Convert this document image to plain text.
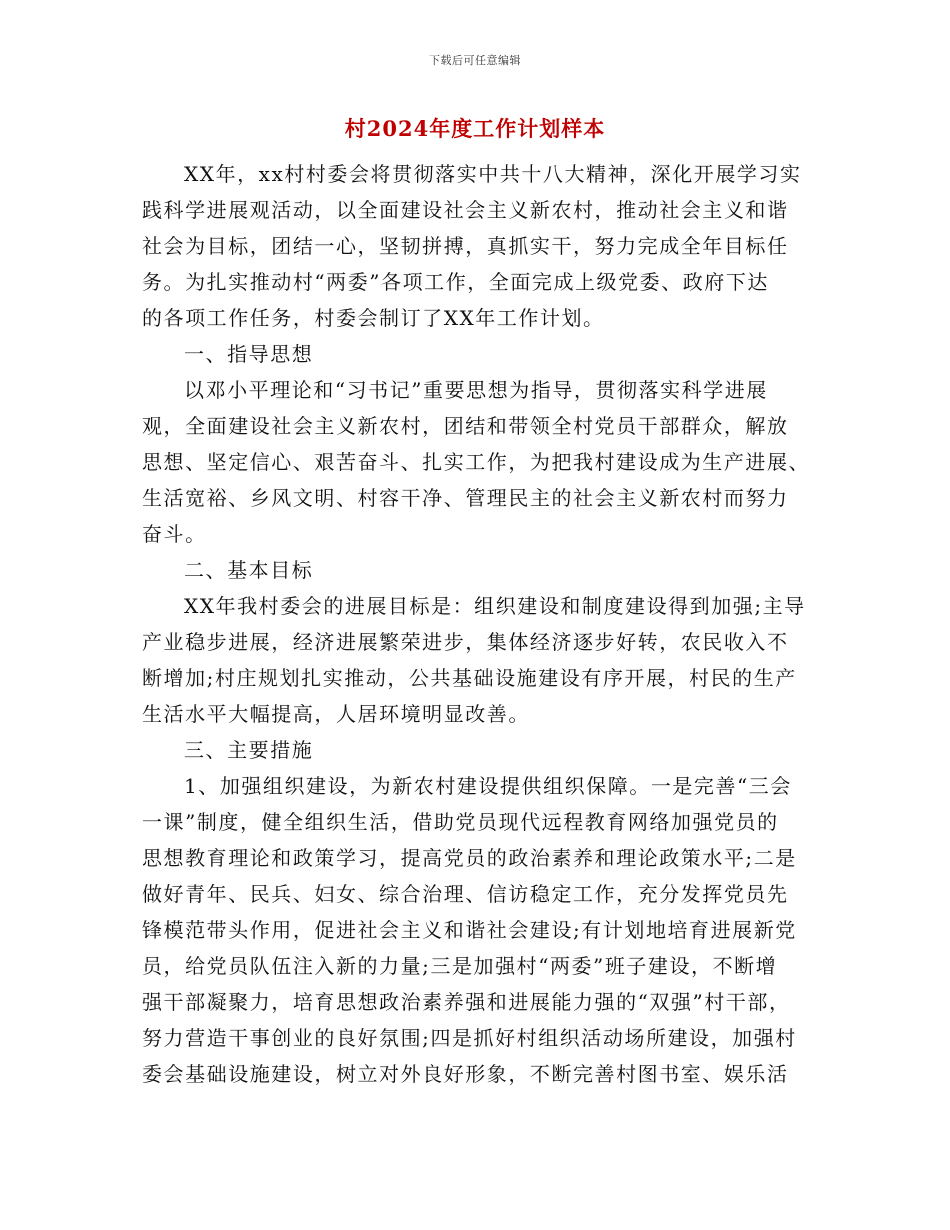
下载后可任意编辑
村2024年度工作计划样本
XX年，xx村村委会将贯彻落实中共十八大精神，深化开展学习实
践科学进展观活动，以全面建设社会主义新农村，推动社会主义和谐
社会为目标，团结一心，坚韧拼搏，真抓实干，努力完成全年目标任
务。为扎实推动村“两委”各项工作，全面完成上级党委、政府下达
的各项工作任务，村委会制订了XX年工作计划。
一、指导思想
以邓小平理论和“习书记”重要思想为指导，贯彻落实科学进展
观，全面建设社会主义新农村，团结和带领全村党员干部群众，解放
思想、坚定信心、艰苦奋斗、扎实工作，为把我村建设成为生产进展、
生活宽裕、乡风文明、村容干净、管理民主的社会主义新农村而努力
奋斗。
二、基本目标
XX年我村委会的进展目标是：组织建设和制度建设得到加强;主导
产业稳步进展，经济进展繁荣进步，集体经济逐步好转，农民收入不
断增加;村庄规划扎实推动，公共基础设施建设有序开展，村民的生产
生活水平大幅提高，人居环境明显改善。
三、主要措施
1、加强组织建设，为新农村建设提供组织保障。一是完善“三会
一课”制度，健全组织生活，借助党员现代远程教育网络加强党员的
思想教育理论和政策学习，提高党员的政治素养和理论政策水平;二是
做好青年、民兵、妇女、综合治理、信访稳定工作，充分发挥党员先
锋模范带头作用，促进社会主义和谐社会建设;有计划地培育进展新党
员，给党员队伍注入新的力量;三是加强村“两委”班子建设，不断增
强干部凝聚力，培育思想政治素养强和进展能力强的“双强”村干部，
努力营造干事创业的良好氛围;四是抓好村组织活动场所建设，加强村
委会基础设施建设，树立对外良好形象，不断完善村图书室、娱乐活
